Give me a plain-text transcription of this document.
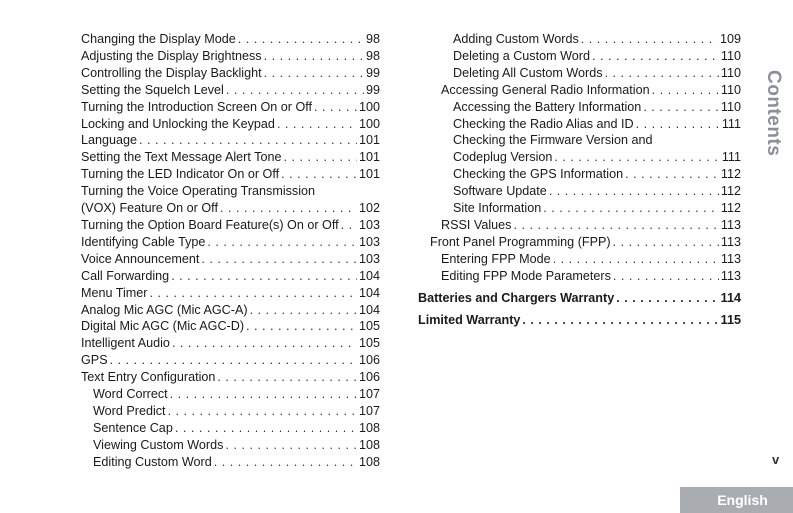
Changing the Display Mode . . .	98
Adjusting the Display Brightness . . .	98
Controlling the Display Backlight . . .	99
Setting the Squelch Level . . .	99
Turning the Introduction Screen On or Off . . .	100
Locking and Unlocking the Keypad . . .	100
Language . . .	101
Setting the Text Message Alert Tone . . .	101
Turning the LED Indicator On or Off . . .	101
Turning the Voice Operating Transmission
(VOX) Feature On or Off . . .	102
Turning the Option Board Feature(s) On or Off . . . 103
Identifying Cable Type . . .	103
Voice Announcement . . .	103
Call Forwarding . . .	104
Menu Timer . . .	104
Analog Mic AGC (Mic AGC-A) . . .	104
Digital Mic AGC (Mic AGC-D) . . .	105
Intelligent Audio . . .	105
GPS . . .	106
Text Entry Configuration . . .	106
Word Correct . . .	107
Word Predict . . .	107
Sentence Cap . . .	108
Viewing Custom Words . . .	108
Editing Custom Word . . .	108
Adding Custom Words . . .	109
Deleting a Custom Word . . .	110
Deleting All Custom Words . . .	110
Accessing General Radio Information . . .	110
Accessing the Battery Information . . .	110
Checking the Radio Alias and ID . . .	111
Checking the Firmware Version and
Codeplug Version . . .	111
Checking the GPS Information . . .	112
Software Update . . .	112
Site Information . . .	112
RSSI Values . . .	113
Front Panel Programming (FPP) . . .	113
Entering FPP Mode . . .	113
Editing FPP Mode Parameters . . .	113
Batteries and Chargers Warranty . . .	114
Limited Warranty . . .	115
Contents
v
English
